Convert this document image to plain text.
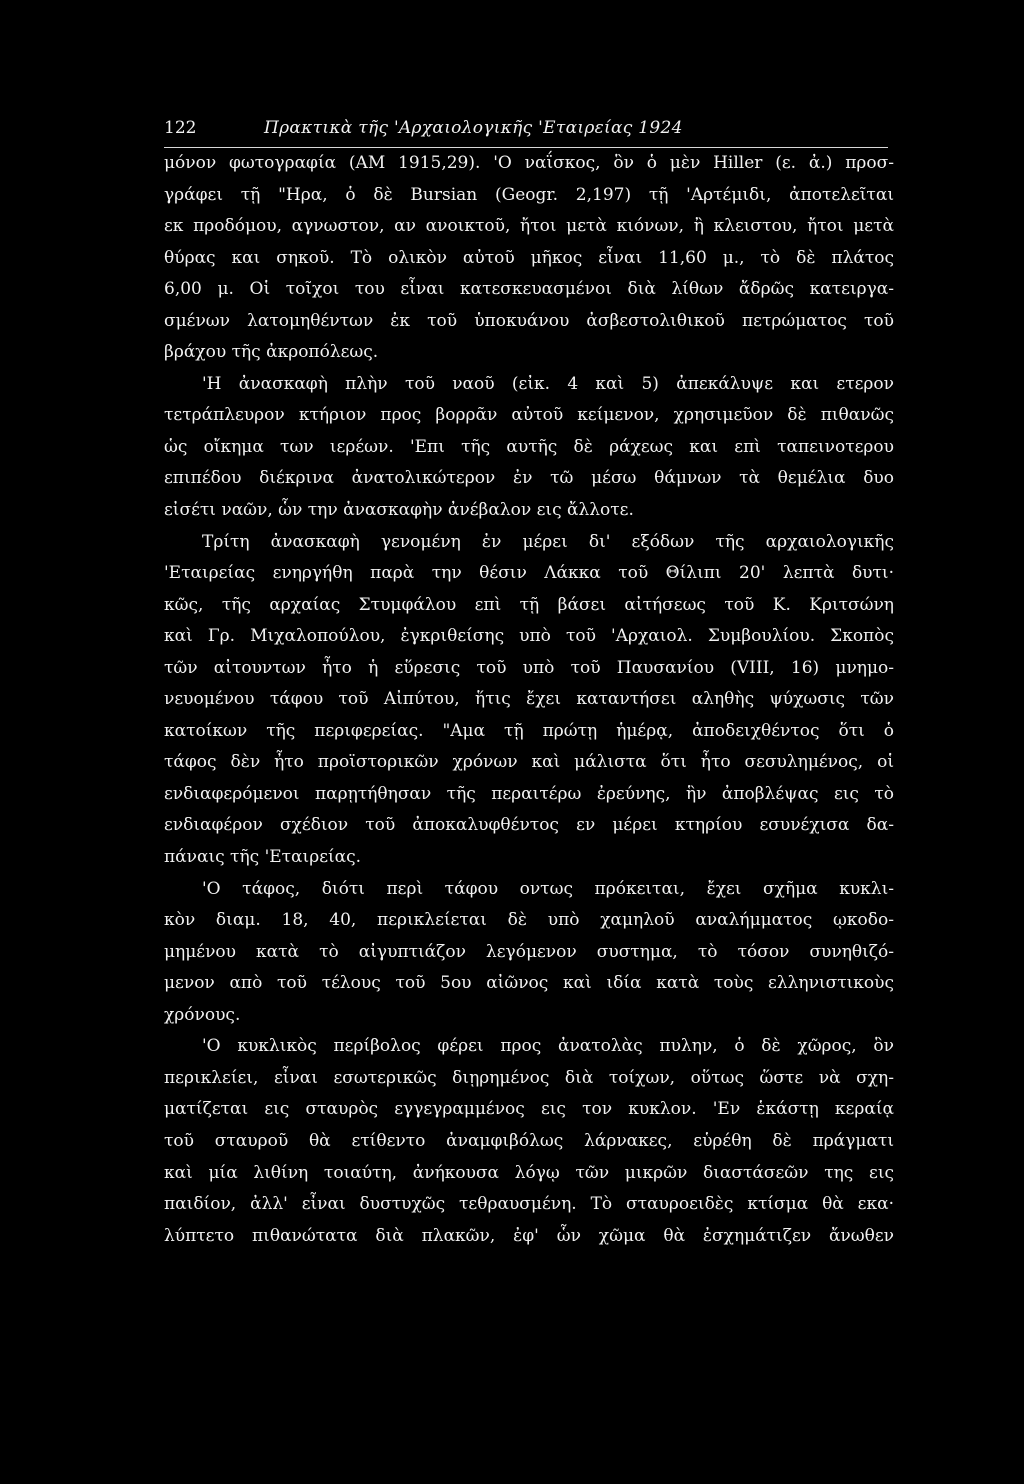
122	Πρακτικὰ τῆς 'Αρχαιολογικῆς 'Εταιρείας 1924
μόνον φωτογραφία (ΑΜ 1915,29). 'Ο ναΐσκος, ὃν ὁ μὲν Hiller (ε. ἀ.) προσ-
γράφει τῇ "Ηρα, ὁ δὲ Bursian (Geogr. 2,197) τῇ 'Αρτέμιδι, ἀποτελεῖται
εκ προδόμου, αγνωστον, αν ανοικτοῦ, ἤτοι μετὰ κιόνων, ἢ κλειστου, ἤτοι μετὰ
θύρας και σηκοῦ. Τὸ ολικὸν αὐτοῦ μῆκος εἶναι 11,60 μ., τὸ δὲ πλάτος
6,00 μ. Οἱ τοῖχοι του εἶναι κατεσκευασμένοι διὰ λίθων ἄδρῶς κατειργα-
σμένων λατομηθέντων ἐκ τοῦ ὑποκυάνου ἀσβεστολιθικοῦ πετρώματος τοῦ
βράχου τῆς ἀκροπόλεως.
'Η ἀνασκαφὴ πλὴν τοῦ ναοῦ (εἰκ. 4 καὶ 5) ἀπεκάλυψε και ετερον
τετράπλευρον κτήριον προς βορρᾶν αὐτοῦ κείμενον, χρησιμεῦον δὲ πιθανῶς
ὡς οἴκημα των ιερέων. 'Επι τῆς αυτῆς δὲ ράχεως και επὶ ταπεινοτερου
επιπέδου διέκρινα ἀνατολικώτερον ἐν τῶ μέσω θάμνων τὰ θεμέλια δυο
εἰσέτι ναῶν, ὧν την ἀνασκαφὴν ἀνέβαλον εις ἄλλοτε.
Τρίτη ἀνασκαφὴ γενομένη ἐν μέρει δι' εξόδων τῆς αρχαιολογικῆς
'Εταιρείας ενηργήθη παρὰ την θέσιν Λάκκα τοῦ Θίλιπι 20' λεπτὰ δυτι·
κῶς, τῆς αρχαίας Στυμφάλου επὶ τῇ βάσει αἰτήσεως τοῦ Κ. Κριτσώνη
καὶ Γρ. Μιχαλοπούλου, ἐγκριθείσης υπὸ τοῦ 'Αρχαιολ. Συμβουλίου. Σκοπὸς
τῶν αἰτουντων ἦτο ἡ εὕρεσις τοῦ υπὸ τοῦ Παυσανίου (VIII, 16) μνημο-
νευομένου τάφου τοῦ Αἰπύτου, ἥτις ἔχει καταντήσει αληθὴς ψύχωσις τῶν
κατοίκων τῆς περιφερείας. "Αμα τῇ πρώτῃ ἡμέρᾳ, ἀποδειχθέντος ὅτι ὁ
τάφος δὲν ἦτο προϊστορικῶν χρόνων καὶ μάλιστα ὅτι ἦτο σεσυλημένος, οἱ
ενδιαφερόμενοι παρῃτήθησαν τῆς περαιτέρω ἐρεύνης, ἣν ἀποβλέψας εις τὸ
ενδιαφέρον σχέδιον τοῦ ἀποκαλυφθέντος εν μέρει κτηρίου εσυνέχισα δα-
πάναις τῆς 'Εταιρείας.
'Ο τάφος, διότι περὶ τάφου οντως πρόκειται, ἔχει σχῆμα κυκλι-
κὸν διαμ. 18, 40, περικλείεται δὲ υπὸ χαμηλοῦ αναλήμματος ῳκοδο-
μημένου κατὰ τὸ αἰγυπτιάζον λεγόμενον συστημα, τὸ τόσον συνηθιζό-
μενον απὸ τοῦ τέλους τοῦ 5ου αἰῶνος καὶ ιδία κατὰ τοὺς ελληνιστικοὺς
χρόνους.
'Ο κυκλικὸς περίβολος φέρει προς ἀνατολὰς πυλην, ὁ δὲ χῶρος, ὃν
περικλείει, εἶναι εσωτερικῶς διῃρημένος διὰ τοίχων, οὕτως ὥστε νὰ σχη-
ματίζεται εις σταυρὸς εγγεγραμμένος εις τον κυκλον. 'Εν ἑκάστῃ κεραίᾳ
τοῦ σταυροῦ θὰ ετίθεντο ἀναμφιβόλως λάρνακες, εὑρέθη δὲ πράγματι
καὶ μία λιθίνη τοιαύτη, ἀνήκουσα λόγῳ τῶν μικρῶν διαστάσεῶν της εις
παιδίον, ἀλλ' εἶναι δυστυχῶς τεθραυσμένη. Τὸ σταυροειδὲς κτίσμα θὰ εκα·
λύπτετο πιθανώτατα διὰ πλακῶν, ἐφ' ὧν χῶμα θὰ ἐσχημάτιζεν ἄνωθεν
